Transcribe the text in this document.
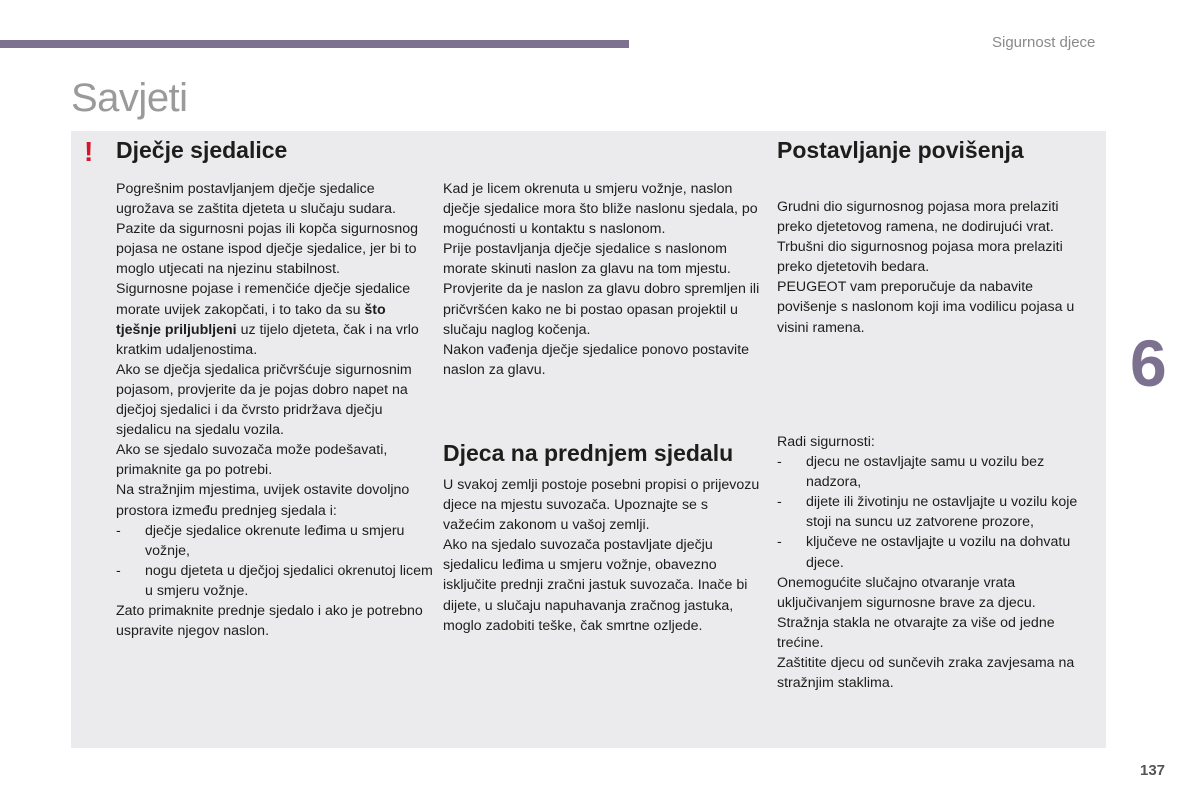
Sigurnost djece
Savjeti
! Dječje sjedalice

Pogrešnim postavljanjem dječje sjedalice ugrožava se zaštita djeteta u slučaju sudara.

Pazite da sigurnosni pojas ili kopča sigurnosnog pojasa ne ostane ispod dječje sjedalice, jer bi to moglo utjecati na njezinu stabilnost.

Sigurnosne pojase i remenčiće dječje sjedalice morate uvijek zakopčati, i to tako da su što tješnje priljubljeni uz tijelo djeteta, čak i na vrlo kratkim udaljenostima.

Ako se dječja sjedalica pričvršćuje sigurnosnim pojasom, provjerite da je pojas dobro napet na dječjoj sjedalici i da čvrsto pridržava dječju sjedalicu na sjedalu vozila.

Ako se sjedalo suvozača može podešavati, primaknite ga po potrebi.

Na stražnjim mjestima, uvijek ostavite dovoljno prostora između prednjeg sjedala i:

- dječje sjedalice okrenute leđima u smjeru vožnje,
- nogu djeteta u dječjoj sjedalici okrenutoj licem u smjeru vožnje.

Zato primaknite prednje sjedalo i ako je potrebno uspravite njegov naslon.

Kad je licem okrenuta u smjeru vožnje, naslon dječje sjedalice mora što bliže naslonu sjedala, po mogućnosti u kontaktu s naslonom.

Prije postavljanja dječje sjedalice s naslonom morate skinuti naslon za glavu na tom mjestu.

Provjerite da je naslon za glavu dobro spremljen ili pričvršćen kako ne bi postao opasan projektil u slučaju naglog kočenja.

Nakon vađenja dječje sjedalice ponovo postavite naslon za glavu.

Djeca na prednjem sjedalu

U svakoj zemlji postoje posebni propisi o prijevozu djece na mjestu suvozača. Upoznajte se s važećim zakonom u vašoj zemlji.

Ako na sjedalo suvozača postavljate dječju sjedalicu leđima u smjeru vožnje, obavezno isključite prednji zračni jastuk suvozača. Inače bi dijete, u slučaju napuhavanja zračnog jastuka, moglo zadobiti teške, čak smrtne ozljede.

Postavljanje povišenja

Grudni dio sigurnosnog pojasa mora prelaziti preko djetetovog ramena, ne dodirujući vrat.

Trbušni dio sigurnosnog pojasa mora prelaziti preko djetetovih bedara.

PEUGEOT vam preporučuje da nabavite povišenje s naslonom koji ima vodilicu pojasa u visini ramena.

Radi sigurnosti:

- djecu ne ostavljajte samu u vozilu bez nadzora,
- dijete ili životinju ne ostavljajte u vozilu koje stoji na suncu uz zatvorene prozore,
- ključeve ne ostavljajte u vozilu na dohvatu djece.

Onemogućite slučajno otvaranje vrata uključivanjem sigurnosne brave za djecu.

Stražnja stakla ne otvarajte za više od jedne trećine.

Zaštitite djecu od sunčevih zraka zavjesama na stražnjim staklima.

6
137
